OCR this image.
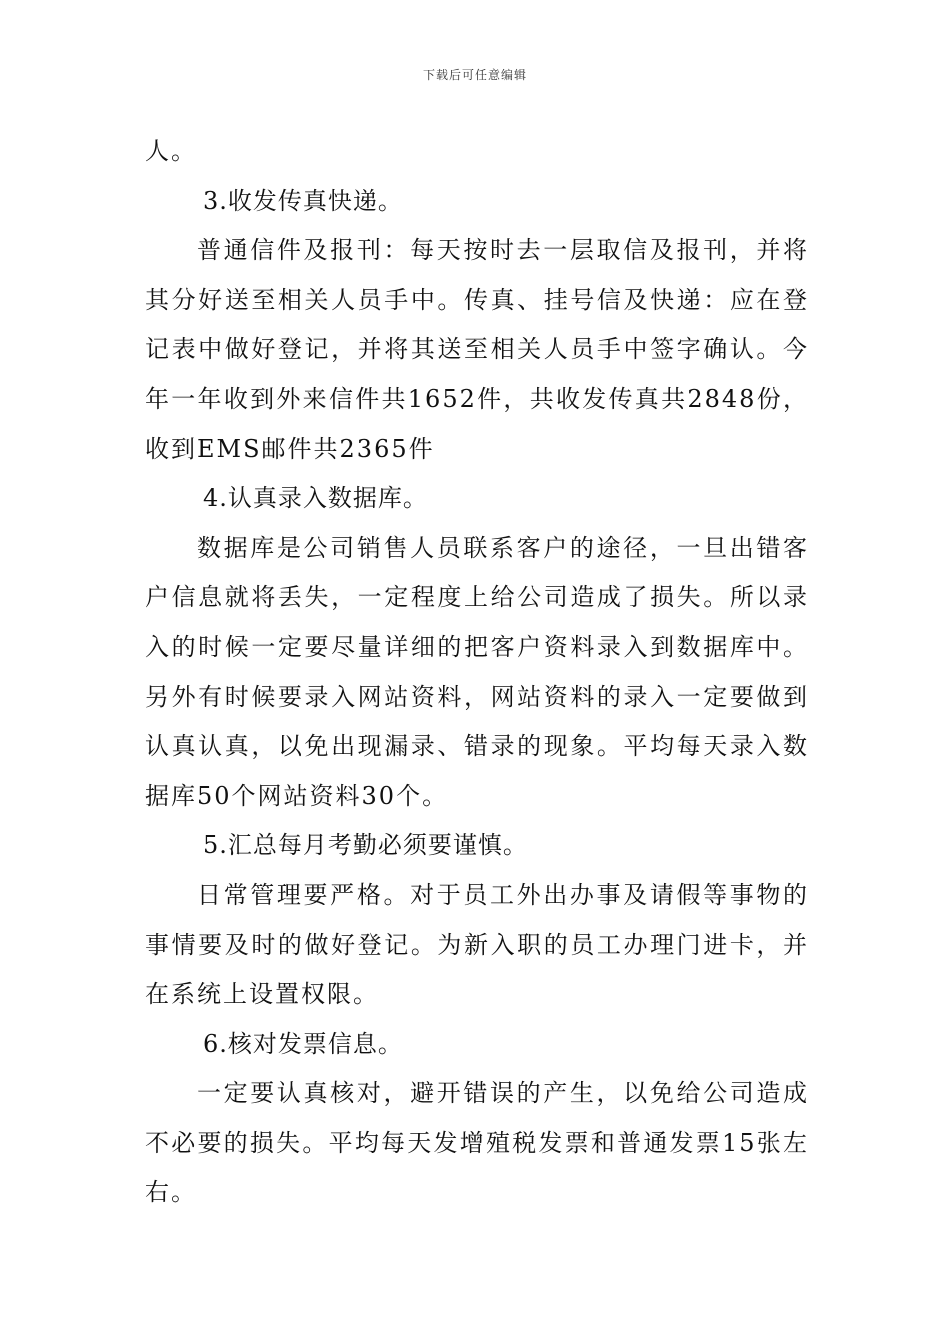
下载后可任意编辑

人。

3.收发传真快递。

普通信件及报刊：每天按时去一层取信及报刊，并将其分好送至相关人员手中。传真、挂号信及快递：应在登记表中做好登记，并将其送至相关人员手中签字确认。今年一年收到外来信件共1652件，共收发传真共2848份，收到EMS邮件共2365件

4.认真录入数据库。

数据库是公司销售人员联系客户的途径，一旦出错客户信息就将丢失，一定程度上给公司造成了损失。所以录入的时候一定要尽量详细的把客户资料录入到数据库中。另外有时候要录入网站资料，网站资料的录入一定要做到认真认真，以免出现漏录、错录的现象。平均每天录入数据库50个网站资料30个。

5.汇总每月考勤必须要谨慎。

日常管理要严格。对于员工外出办事及请假等事物的事情要及时的做好登记。为新入职的员工办理门进卡，并在系统上设置权限。

6.核对发票信息。

一定要认真核对，避开错误的产生，以免给公司造成不必要的损失。平均每天发增殖税发票和普通发票15张左右。
